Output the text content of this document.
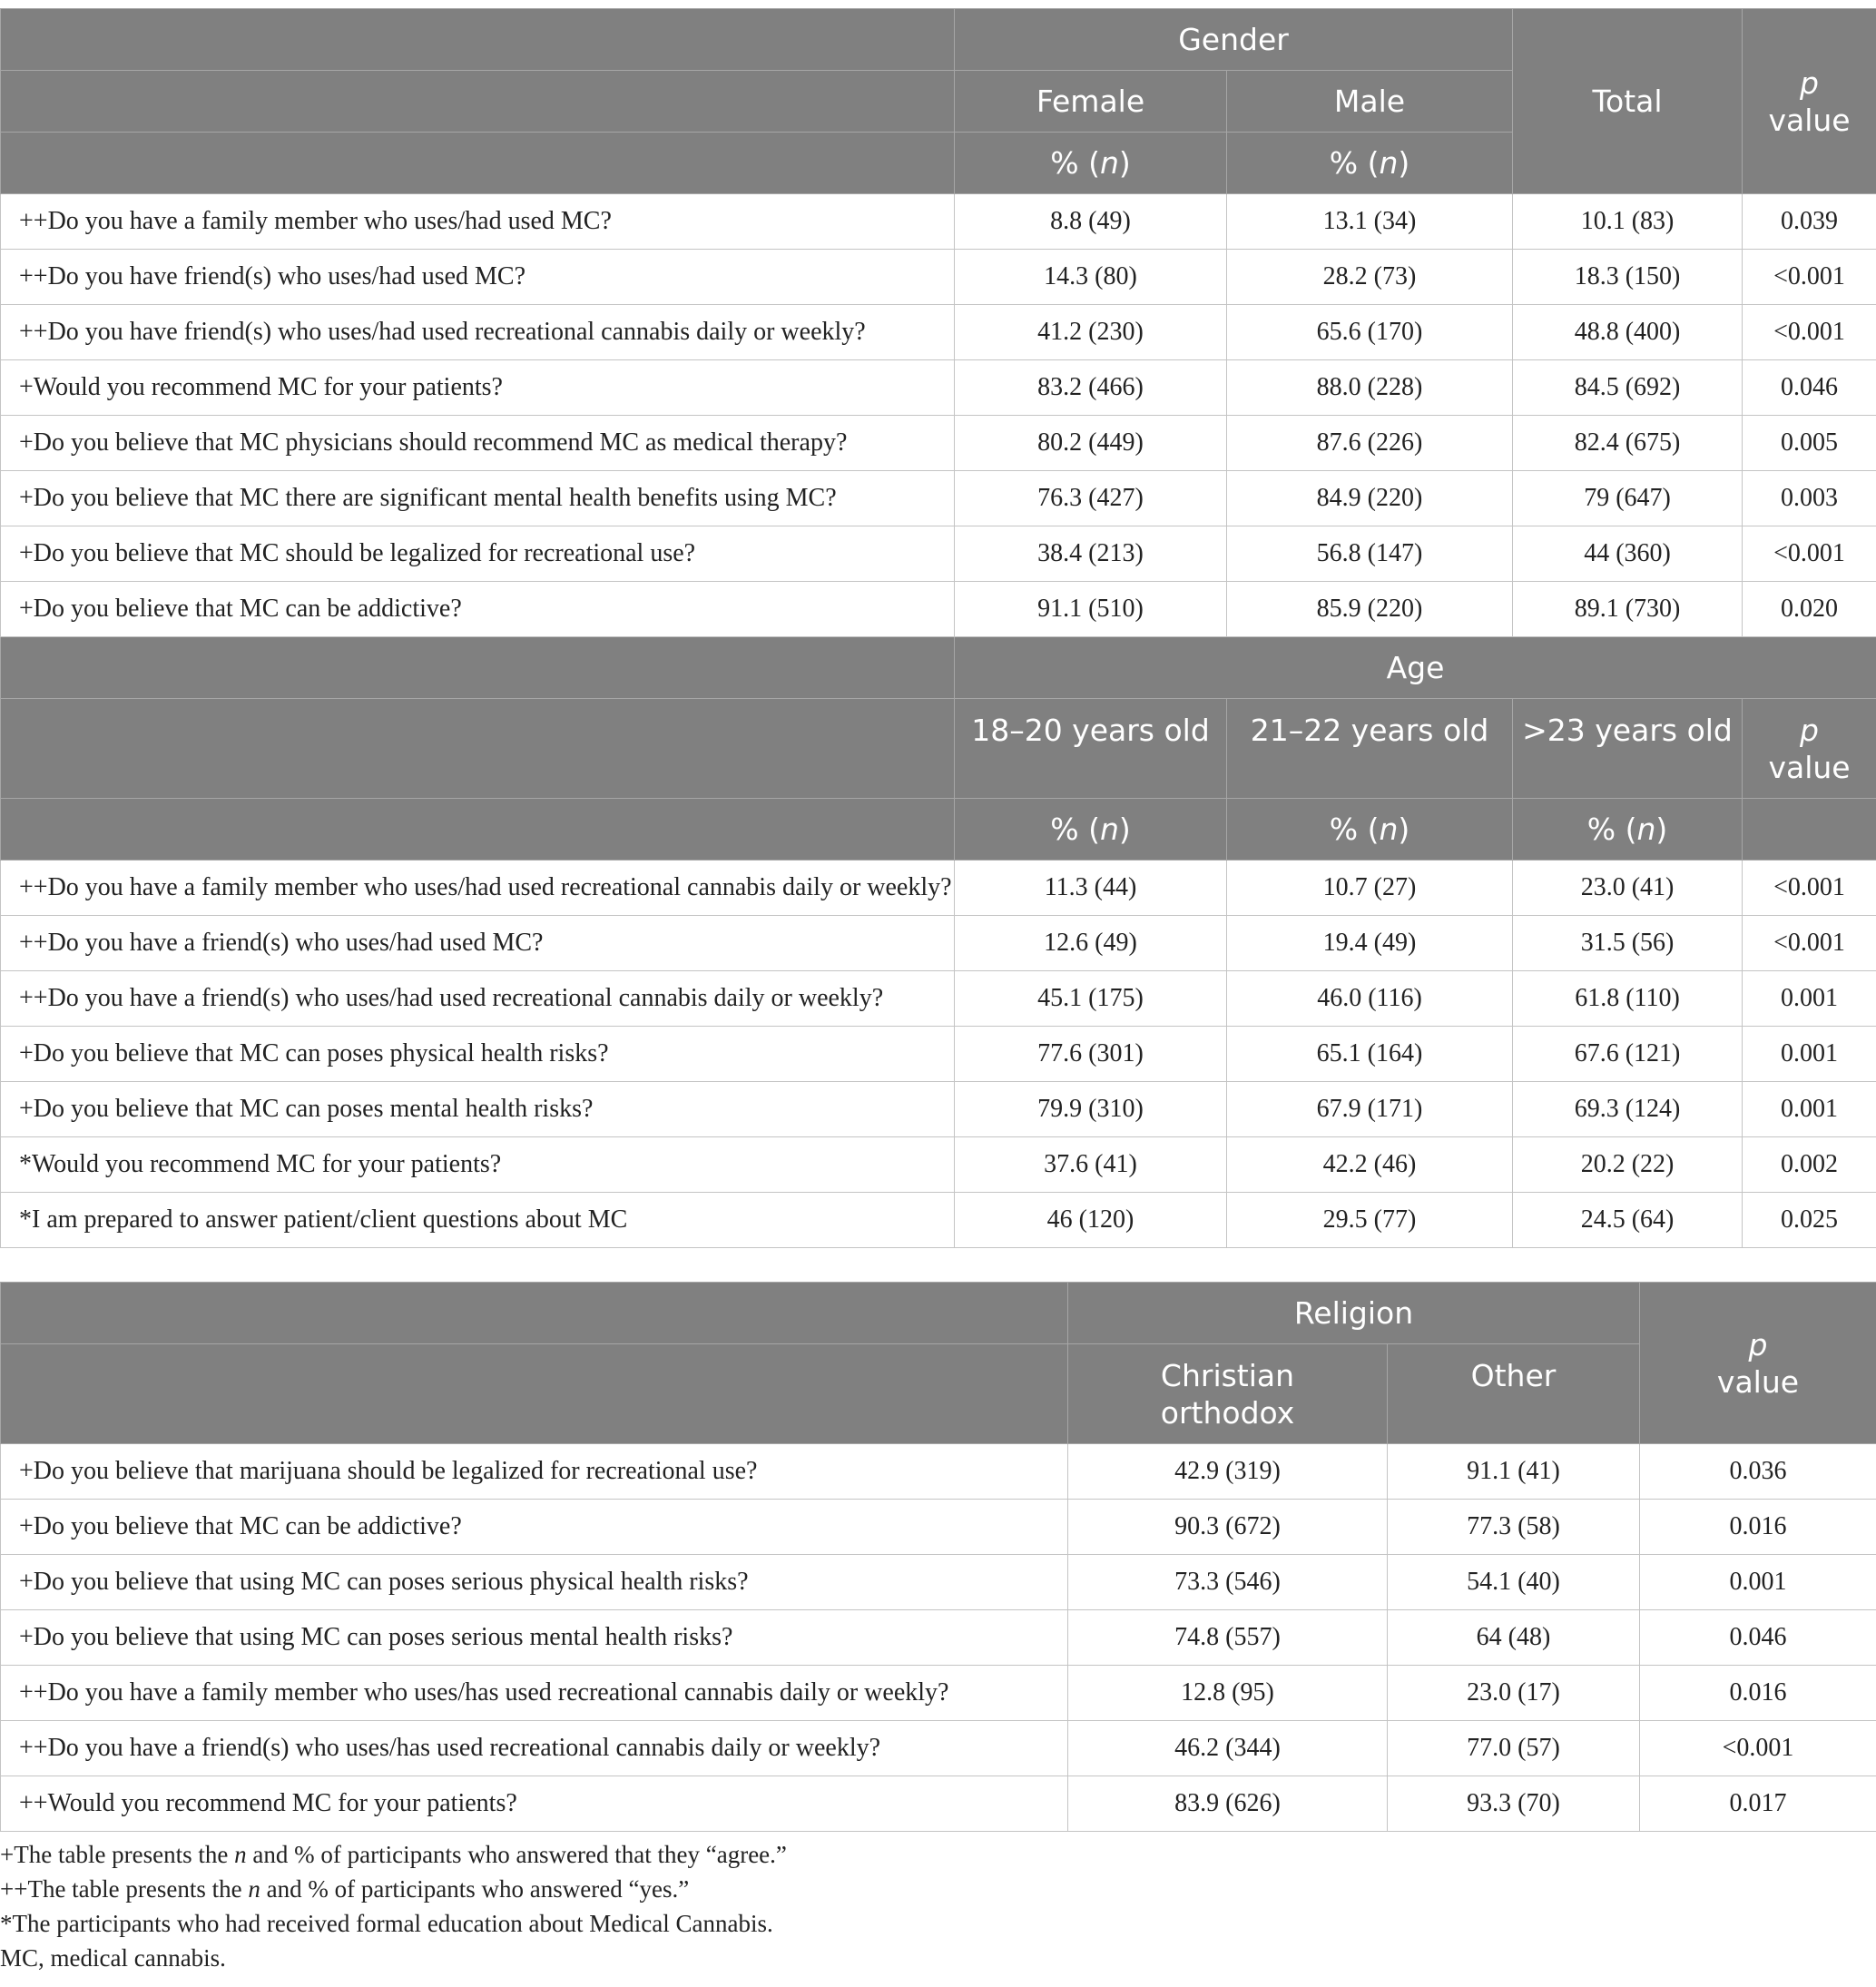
	Gender		Total	p
value
	Female	Male		
	% (n)	% (n)		
++Do you have a family member who uses/had used MC?	8.8 (49)	13.1 (34)	10.1 (83)	0.039
++Do you have friend(s) who uses/had used MC?	14.3 (80)	28.2 (73)	18.3 (150)	<0.001
++Do you have friend(s) who uses/had used recreational cannabis daily or weekly?	41.2 (230)	65.6 (170)	48.8 (400)	<0.001
+Would you recommend MC for your patients?	83.2 (466)	88.0 (228)	84.5 (692)	0.046
+Do you believe that MC physicians should recommend MC as medical therapy?	80.2 (449)	87.6 (226)	82.4 (675)	0.005
+Do you believe that MC there are significant mental health benefits using MC?	76.3 (427)	84.9 (220)	79 (647)	0.003
+Do you believe that MC should be legalized for recreational use?	38.4 (213)	56.8 (147)	44 (360)	<0.001
+Do you believe that MC can be addictive?	91.1 (510)	85.9 (220)	89.1 (730)	0.020
	Age			
	18–20 years old	21–22 years old	>23 years old	p
value
	% (n)	% (n)	% (n)	
++Do you have a family member who uses/had used recreational cannabis daily or weekly?	11.3 (44)	10.7 (27)	23.0 (41)	<0.001
++Do you have a friend(s) who uses/had used MC?	12.6 (49)	19.4 (49)	31.5 (56)	<0.001
++Do you have a friend(s) who uses/had used recreational cannabis daily or weekly?	45.1 (175)	46.0 (116)	61.8 (110)	0.001
+Do you believe that MC can poses physical health risks?	77.6 (301)	65.1 (164)	67.6 (121)	0.001
+Do you believe that MC can poses mental health risks?	79.9 (310)	67.9 (171)	69.3 (124)	0.001
*Would you recommend MC for your patients?	37.6 (41)	42.2 (46)	20.2 (22)	0.002
*I am prepared to answer patient/client questions about MC	46 (120)	29.5 (77)	24.5 (64)	0.025
	Religion		p
value
	Christian
orthodox	Other	
+Do you believe that marijuana should be legalized for recreational use?	42.9 (319)	91.1 (41)	0.036
+Do you believe that MC can be addictive?	90.3 (672)	77.3 (58)	0.016
+Do you believe that using MC can poses serious physical health risks?	73.3 (546)	54.1 (40)	0.001
+Do you believe that using MC can poses serious mental health risks?	74.8 (557)	64 (48)	0.046
++Do you have a family member who uses/has used recreational cannabis daily or weekly?	12.8 (95)	23.0 (17)	0.016
++Do you have a friend(s) who uses/has used recreational cannabis daily or weekly?	46.2 (344)	77.0 (57)	<0.001
++Would you recommend MC for your patients?	83.9 (626)	93.3 (70)	0.017
+The table presents the n and % of participants who answered that they “agree.”
++The table presents the n and % of participants who answered “yes.”
*The participants who had received formal education about Medical Cannabis.
MC, medical cannabis.
